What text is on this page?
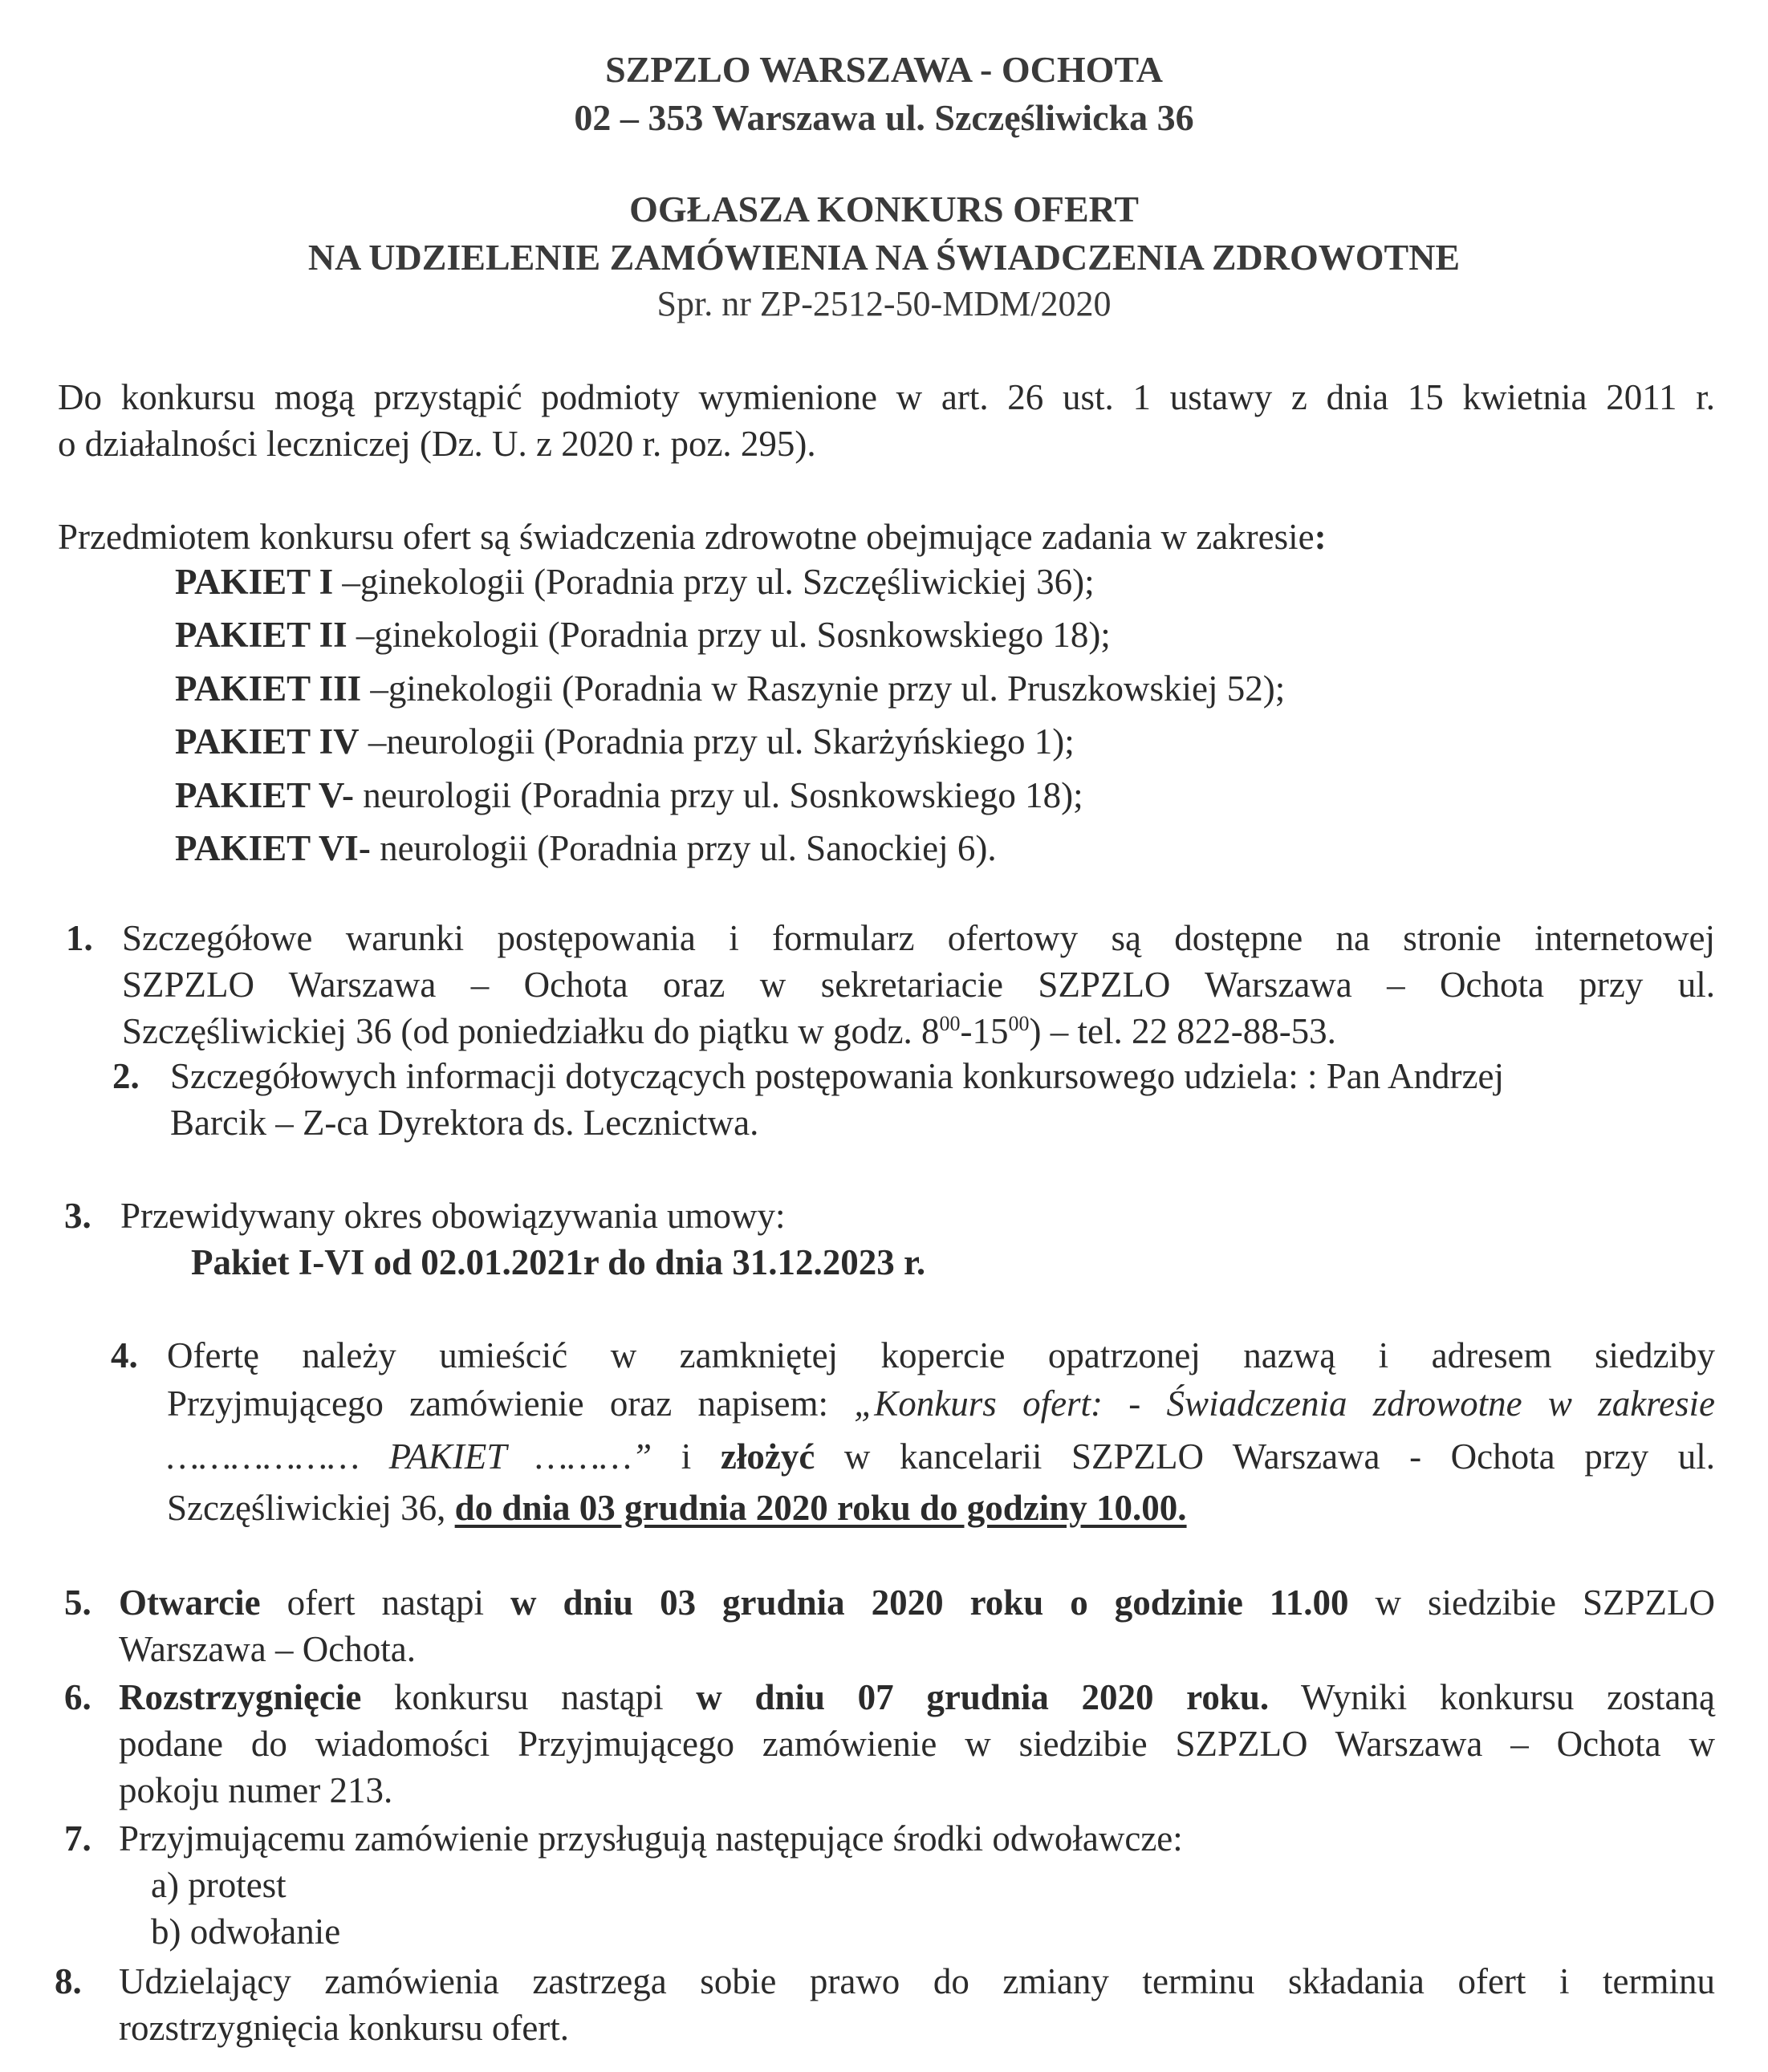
SZPZLO WARSZAWA - OCHOTA
02 – 353 Warszawa ul. Szczęśliwicka 36
OGŁASZA KONKURS OFERT
NA UDZIELENIE ZAMÓWIENIA NA ŚWIADCZENIA ZDROWOTNE
Spr. nr ZP-2512-50-MDM/2020
Do konkursu mogą przystąpić podmioty wymienione w art. 26 ust. 1 ustawy z dnia 15 kwietnia 2011 r.
o działalności leczniczej (Dz. U. z 2020 r. poz. 295).
Przedmiotem konkursu ofert są świadczenia zdrowotne obejmujące zadania w zakresie:
PAKIET I –ginekologii (Poradnia przy ul. Szczęśliwickiej 36);
PAKIET II –ginekologii (Poradnia przy ul. Sosnkowskiego 18);
PAKIET III –ginekologii (Poradnia w Raszynie przy ul. Pruszkowskiej 52);
PAKIET IV –neurologii (Poradnia przy ul. Skarżyńskiego 1);
PAKIET V- neurologii (Poradnia przy ul. Sosnkowskiego 18);
PAKIET VI- neurologii (Poradnia przy ul. Sanockiej 6).
1. Szczegółowe warunki postępowania i formularz ofertowy są dostępne na stronie internetowej
SZPZLO Warszawa – Ochota oraz w sekretariacie SZPZLO Warszawa – Ochota przy ul.
Szczęśliwickiej 36 (od poniedziałku do piątku w godz. $8^{00}-15^{00}$) – tel. 22 822-88-53.
2. Szczegółowych informacji dotyczących postępowania konkursowego udziela: : Pan Andrzej
Barcik – Z-ca Dyrektora ds. Lecznictwa.
3. Przewidywany okres obowiązywania umowy:
Pakiet I-VI od 02.01.2021r do dnia 31.12.2023 r.
4. Ofertę należy umieścić w zamkniętej kopercie opatrzonej nazwą i adresem siedziby
Przyjmującego zamówienie oraz napisem: „Konkurs ofert: - Świadczenia zdrowotne w zakresie
……………… PAKIET ………” i złożyć w kancelarii SZPZLO Warszawa - Ochota przy ul.
Szczęśliwickiej 36, do dnia 03 grudnia 2020 roku do godziny 10.00.
5. Otwarcie ofert nastąpi w dniu 03 grudnia 2020 roku o godzinie 11.00 w siedzibie SZPZLO
Warszawa – Ochota.
6. Rozstrzygnięcie konkursu nastąpi w dniu 07 grudnia 2020 roku. Wyniki konkursu zostaną
podane do wiadomości Przyjmującego zamówienie w siedzibie SZPZLO Warszawa – Ochota w
pokoju numer 213.
7. Przyjmującemu zamówienie przysługują następujące środki odwoławcze:
a) protest
b) odwołanie
8. Udzielający zamówienia zastrzega sobie prawo do zmiany terminu składania ofert i terminu
rozstrzygnięcia konkursu ofert.
